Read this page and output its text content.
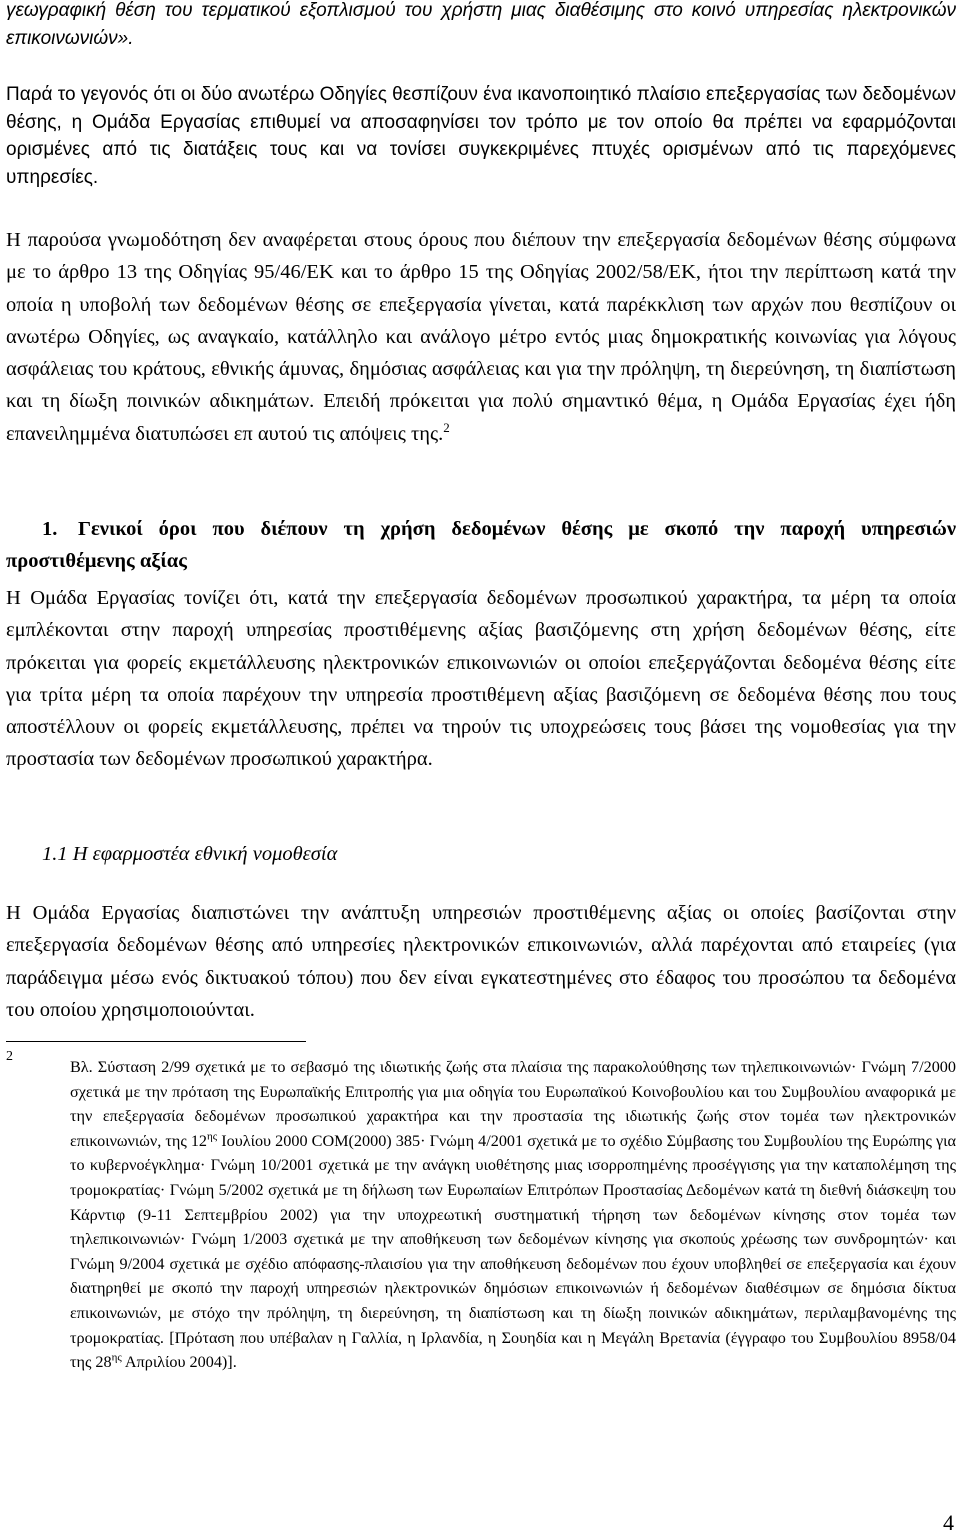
γεωγραφική θέση του τερματικού εξοπλισμού του χρήστη μιας διαθέσιμης στο κοινό υπηρεσίας ηλεκτρονικών επικοινωνιών».

Παρά το γεγονός ότι οι δύο ανωτέρω Οδηγίες θεσπίζουν ένα ικανοποιητικό πλαίσιο επεξεργασίας των δεδομένων θέσης, η Ομάδα Εργασίας επιθυμεί να αποσαφηνίσει τον τρόπο με τον οποίο θα πρέπει να εφαρμόζονται ορισμένες από τις διατάξεις τους και να τονίσει συγκεκριμένες πτυχές ορισμένων από τις παρεχόμενες υπηρεσίες.

Η παρούσα γνωμοδότηση δεν αναφέρεται στους όρους που διέπουν την επεξεργασία δεδομένων θέσης σύμφωνα με το άρθρο 13 της Οδηγίας 95/46/ΕΚ και το άρθρο 15 της Οδηγίας 2002/58/ΕΚ, ήτοι την περίπτωση κατά την οποία η υποβολή των δεδομένων θέσης σε επεξεργασία γίνεται, κατά παρέκκλιση των αρχών που θεσπίζουν οι ανωτέρω Οδηγίες, ως αναγκαίο, κατάλληλο και ανάλογο μέτρο εντός μιας δημοκρατικής κοινωνίας για λόγους ασφάλειας του κράτους, εθνικής άμυνας, δημόσιας ασφάλειας και για την πρόληψη, τη διερεύνηση, τη διαπίστωση και τη δίωξη ποινικών αδικημάτων. Επειδή πρόκειται για πολύ σημαντικό θέμα, η Ομάδα Εργασίας έχει ήδη επανειλημμένα διατυπώσει επ αυτού τις απόψεις της.$^2$

1. Γενικοί όροι που διέπουν τη χρήση δεδομένων θέσης με σκοπό την παροχή υπηρεσιών προστιθέμενης αξίας

Η Ομάδα Εργασίας τονίζει ότι, κατά την επεξεργασία δεδομένων προσωπικού χαρακτήρα, τα μέρη τα οποία εμπλέκονται στην παροχή υπηρεσίας προστιθέμενης αξίας βασιζόμενης στη χρήση δεδομένων θέσης, είτε πρόκειται για φορείς εκμετάλλευσης ηλεκτρονικών επικοινωνιών οι οποίοι επεξεργάζονται δεδομένα θέσης είτε για τρίτα μέρη τα οποία παρέχουν την υπηρεσία προστιθέμενη αξίας βασιζόμενη σε δεδομένα θέσης που τους αποστέλλουν οι φορείς εκμετάλλευσης, πρέπει να τηρούν τις υποχρεώσεις τους βάσει της νομοθεσίας για την προστασία των δεδομένων προσωπικού χαρακτήρα.

1.1 Η εφαρμοστέα εθνική νομοθεσία

Η Ομάδα Εργασίας διαπιστώνει την ανάπτυξη υπηρεσιών προστιθέμενης αξίας οι οποίες βασίζονται στην επεξεργασία δεδομένων θέσης από υπηρεσίες ηλεκτρονικών επικοινωνιών, αλλά παρέχονται από εταιρείες (για παράδειγμα μέσω ενός δικτυακού τόπου) που δεν είναι εγκατεστημένες στο έδαφος του προσώπου τα δεδομένα του οποίου χρησιμοποιούνται.

2

Βλ. Σύσταση 2/99 σχετικά με το σεβασμό της ιδιωτικής ζωής στα πλαίσια της παρακολούθησης των τηλεπικοινωνιών· Γνώμη 7/2000 σχετικά με την πρόταση της Ευρωπαϊκής Επιτροπής για μια οδηγία του Ευρωπαϊκού Κοινοβουλίου και του Συμβουλίου αναφορικά με την επεξεργασία δεδομένων προσωπικού χαρακτήρα και την προστασία της ιδιωτικής ζωής στον τομέα των ηλεκτρονικών επικοινωνιών, της $12^{\eta\varsigma}$ Ιουλίου 2000 COM(2000) 385· Γνώμη 4/2001 σχετικά με το σχέδιο Σύμβασης του Συμβουλίου της Ευρώπης για το κυβερνοέγκλημα· Γνώμη 10/2001 σχετικά με την ανάγκη υιοθέτησης μιας ισορροπημένης προσέγγισης για την καταπολέμηση της τρομοκρατίας· Γνώμη 5/2002 σχετικά με τη δήλωση των Ευρωπαίων Επιτρόπων Προστασίας Δεδομένων κατά τη διεθνή διάσκεψη του Κάρντιφ (9-11 Σεπτεμβρίου 2002) για την υποχρεωτική συστηματική τήρηση των δεδομένων κίνησης στον τομέα των τηλεπικοινωνιών· Γνώμη 1/2003 σχετικά με την αποθήκευση των δεδομένων κίνησης για σκοπούς χρέωσης των συνδρομητών· και Γνώμη 9/2004 σχετικά με σχέδιο απόφασης-πλαισίου για την αποθήκευση δεδομένων που έχουν υποβληθεί σε επεξεργασία και έχουν διατηρηθεί με σκοπό την παροχή υπηρεσιών ηλεκτρονικών δημόσιων επικοινωνιών ή δεδομένων διαθέσιμων σε δημόσια δίκτυα επικοινωνιών, με στόχο την πρόληψη, τη διερεύνηση, τη διαπίστωση και τη δίωξη ποινικών αδικημάτων, περιλαμβανομένης της τρομοκρατίας. [Πρόταση που υπέβαλαν η Γαλλία, η Ιρλανδία, η Σουηδία και η Μεγάλη Βρετανία (έγγραφο του Συμβουλίου 8958/04 της $28^{\eta\varsigma}$ Απριλίου 2004)].

4
